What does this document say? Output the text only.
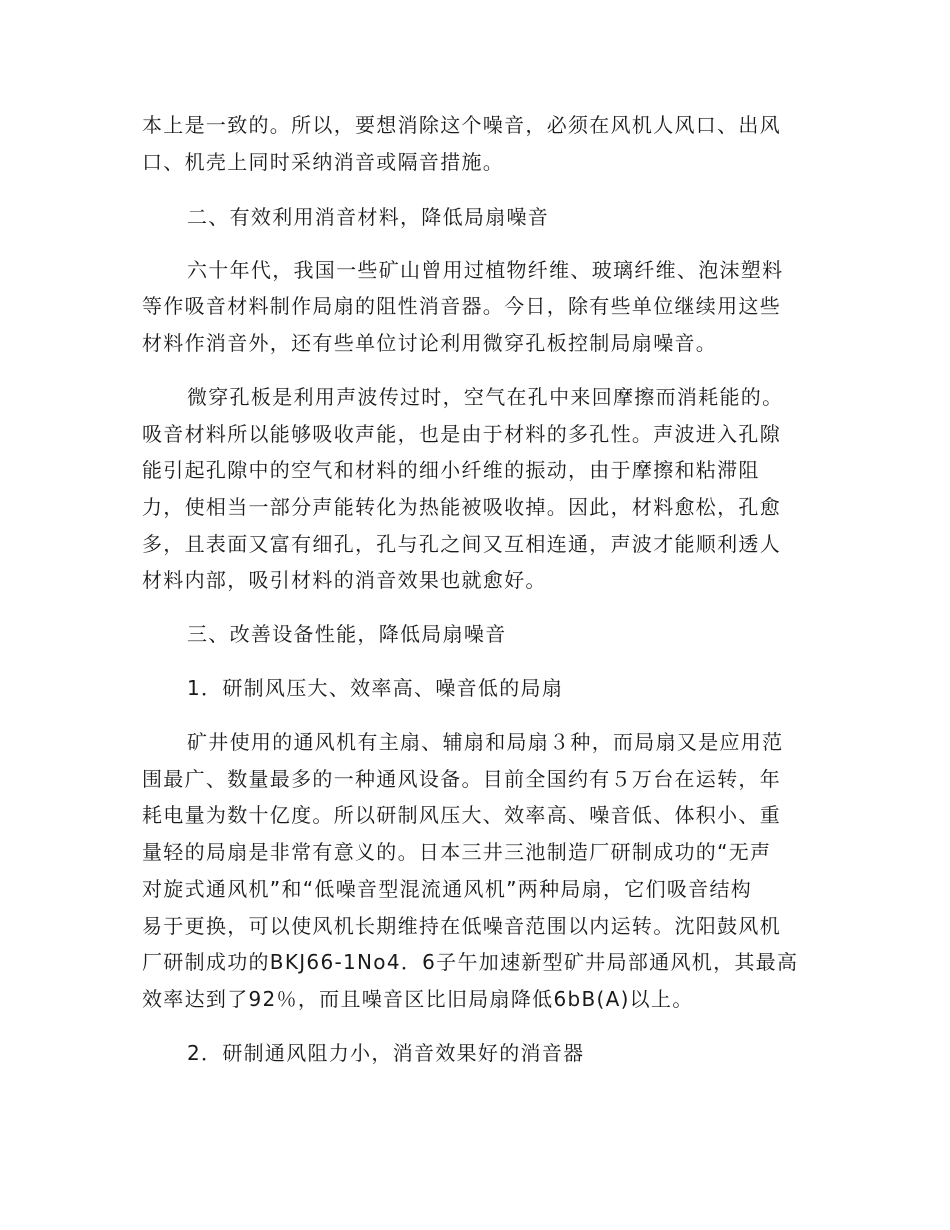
本上是一致的。所以，要想消除这个噪音，必须在风机人风口、出风
口、机壳上同时采纳消音或隔音措施。
二、有效利用消音材料，降低局扇噪音
六十年代，我国一些矿山曾用过植物纤维、玻璃纤维、泡沫塑料
等作吸音材料制作局扇的阻性消音器。今日，除有些单位继续用这些
材料作消音外，还有些单位讨论利用微穿孔板控制局扇噪音。
微穿孔板是利用声波传过时，空气在孔中来回摩擦而消耗能的。
吸音材料所以能够吸收声能，也是由于材料的多孔性。声波进入孔隙
能引起孔隙中的空气和材料的细小纤维的振动，由于摩擦和粘滞阻
力，使相当一部分声能转化为热能被吸收掉。因此，材料愈松，孔愈
多，且表面又富有细孔，孔与孔之间又互相连通，声波才能顺利透人
材料内部，吸引材料的消音效果也就愈好。
三、改善设备性能，降低局扇噪音
1．研制风压大、效率高、噪音低的局扇
矿井使用的通风机有主扇、辅扇和局扇３种，而局扇又是应用范
围最广、数量最多的一种通风设备。目前全国约有５万台在运转，年
耗电量为数十亿度。所以研制风压大、效率高、噪音低、体积小、重
量轻的局扇是非常有意义的。日本三井三池制造厂研制成功的“无声
对旋式通风机”和“低噪音型混流通风机”两种局扇，它们吸音结构
易于更换，可以使风机长期维持在低噪音范围以内运转。沈阳鼓风机
厂研制成功的BKJ66-1No4．6子午加速新型矿井局部通风机，其最高
效率达到了92％，而且噪音区比旧局扇降低6bB(A)以上。
2．研制通风阻力小，消音效果好的消音器
